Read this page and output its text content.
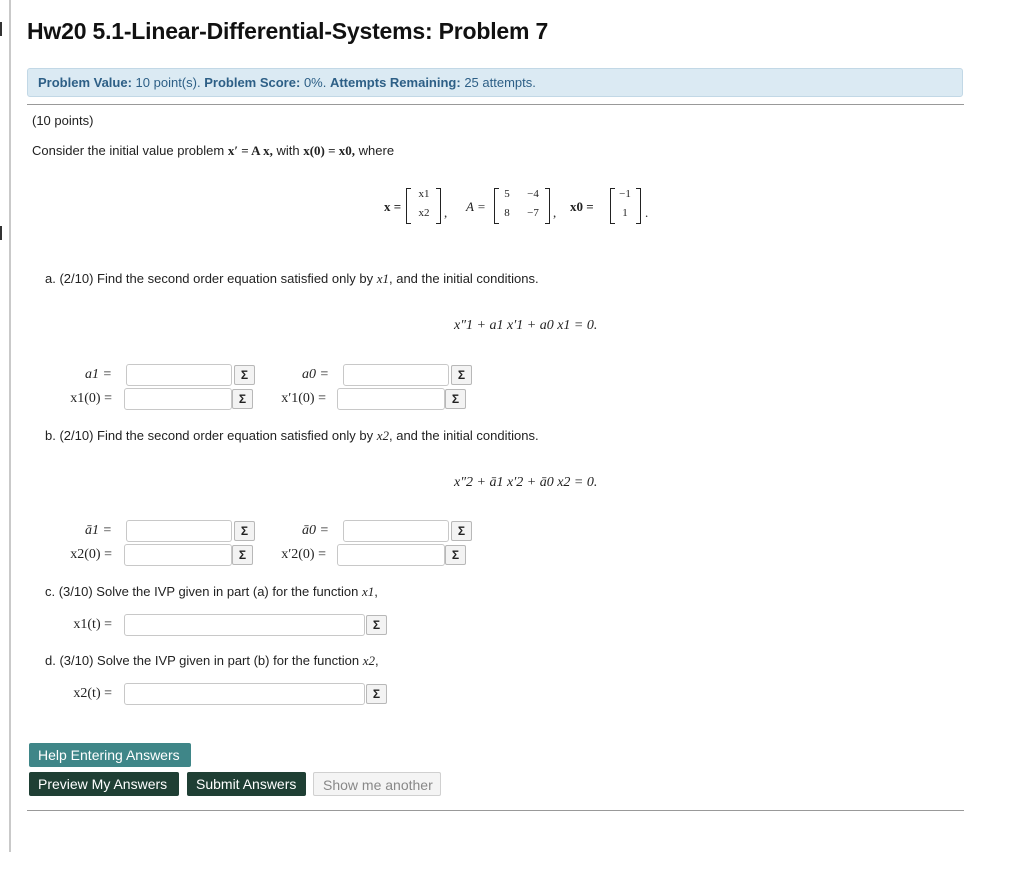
Hw20 5.1-Linear-Differential-Systems: Problem 7
Problem Value: 10 point(s). Problem Score: 0%. Attempts Remaining: 25 attempts.
(10 points)
Consider the initial value problem x′ = A x, with x(0) = x0, where
x =
x1
x2	, A =
5	−4
8	−7	, x0 =
−1
1	.
a. (2/10) Find the second order equation satisfied only by x1, and the initial conditions.
x″1 + a1 x′1 + a0 x1 = 0.
a1 =	Σ	a0 =	Σ
x1(0) =	Σ	x′1(0) =	Σ
b. (2/10) Find the second order equation satisfied only by x2, and the initial conditions.
x″2 + ā1 x′2 + ā0 x2 = 0.
ā1 =	Σ	ā0 =	Σ
x2(0) =	Σ	x′2(0) =	Σ
c. (3/10) Solve the IVP given in part (a) for the function x1,
x1(t) =	Σ
d. (3/10) Solve the IVP given in part (b) for the function x2,
x2(t) =	Σ
Help Entering Answers
Preview My Answers	Submit Answers	Show me another
